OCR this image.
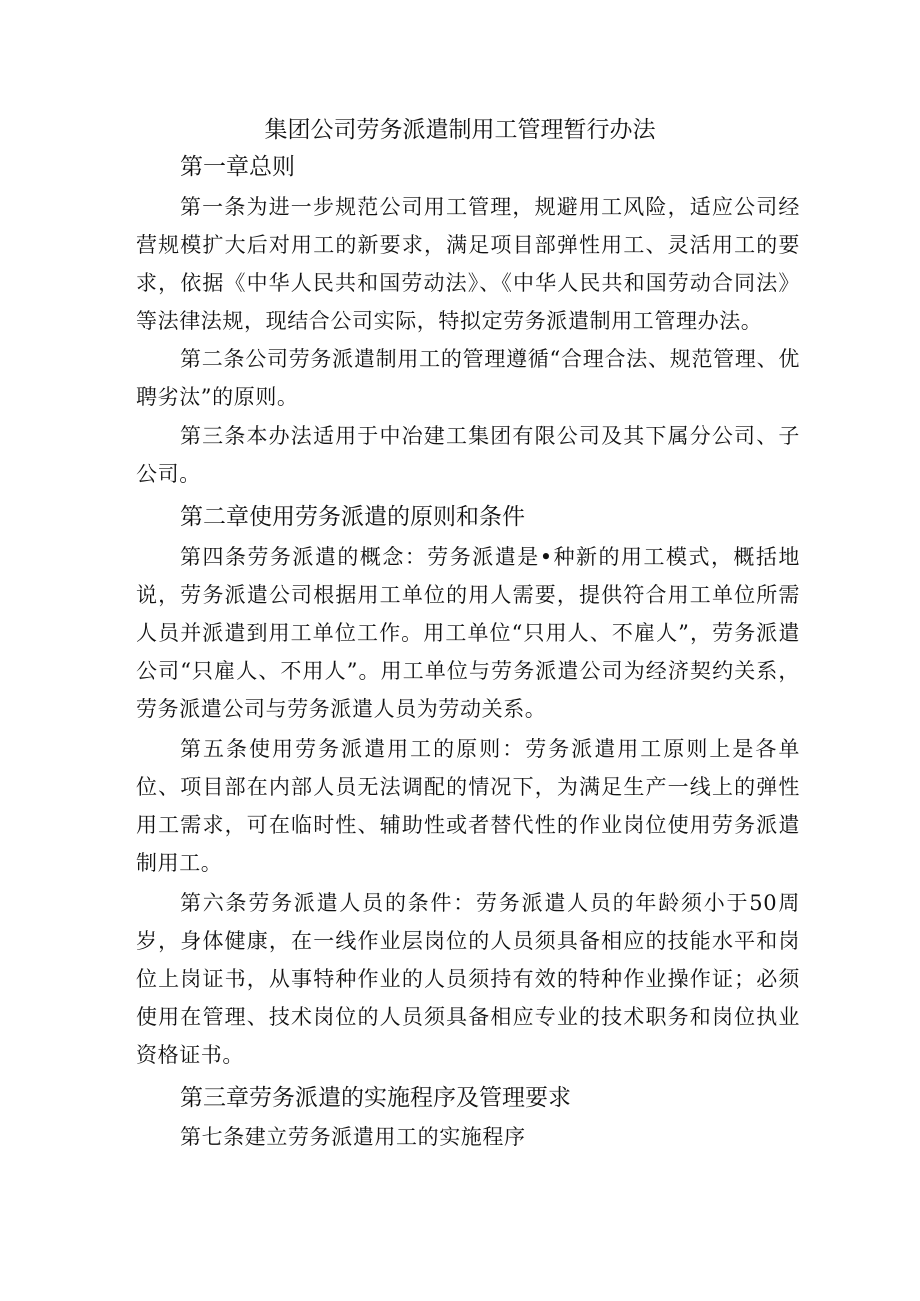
集团公司劳务派遣制用工管理暂行办法
第一章总则

第一条为进一步规范公司用工管理，规避用工风险，适应公司经营规模扩大后对用工的新要求，满足项目部弹性用工、灵活用工的要求，依据《中华人民共和国劳动法》、《中华人民共和国劳动合同法》等法律法规，现结合公司实际，特拟定劳务派遣制用工管理办法。

第二条公司劳务派遣制用工的管理遵循“合理合法、规范管理、优聘劣汰”的原则。

第三条本办法适用于中冶建工集团有限公司及其下属分公司、子公司。

第二章使用劳务派遣的原则和条件

第四条劳务派遣的概念：劳务派遣是•种新的用工模式，概括地说，劳务派遣公司根据用工单位的用人需要，提供符合用工单位所需人员并派遣到用工单位工作。用工单位“只用人、不雇人”，劳务派遣公司“只雇人、不用人”。用工单位与劳务派遣公司为经济契约关系，劳务派遣公司与劳务派遣人员为劳动关系。

第五条使用劳务派遣用工的原则：劳务派遣用工原则上是各单位、项目部在内部人员无法调配的情况下，为满足生产一线上的弹性用工需求，可在临时性、辅助性或者替代性的作业岗位使用劳务派遣制用工。

第六条劳务派遣人员的条件：劳务派遣人员的年龄须小于50周岁，身体健康，在一线作业层岗位的人员须具备相应的技能水平和岗位上岗证书，从事特种作业的人员须持有效的特种作业操作证；必须使用在管理、技术岗位的人员须具备相应专业的技术职务和岗位执业资格证书。

第三章劳务派遣的实施程序及管理要求

第七条建立劳务派遣用工的实施程序
